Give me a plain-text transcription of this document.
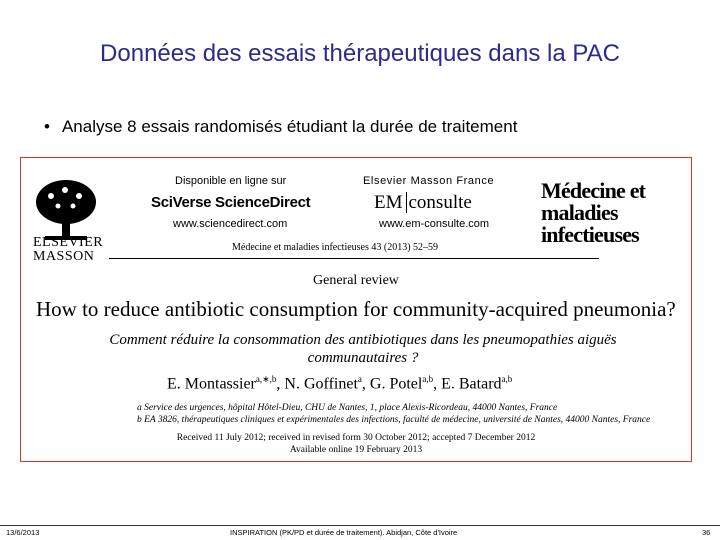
Données des essais thérapeutiques dans la PAC
• Analyse 8 essais randomisés étudiant la durée de traitement
ELSEVIER
MASSON
Disponible en ligne sur
SciVerse ScienceDirect
www.sciencedirect.com
Elsevier Masson France
EM consulte
www.em-consulte.com
Médecine et
maladies infectieuses
Médecine et maladies infectieuses 43 (2013) 52–59
General review
How to reduce antibiotic consumption for community-acquired pneumonia?
Comment réduire la consommation des antibiotiques dans les pneumopathies aiguës
communautaires ?
E. Montassier$^{a,∗,b}$, N. Goffinet$^a$, G. Potel$^{a,b}$, E. Batard$^{a,b}$
a Service des urgences, hôpital Hôtel-Dieu, CHU de Nantes, 1, place Alexis-Ricordeau, 44000 Nantes, France
b EA 3826, thérapeutiques cliniques et expérimentales des infections, faculté de médecine, université de Nantes, 44000 Nantes, France
Received 11 July 2012; received in revised form 30 October 2012; accepted 7 December 2012
Available online 19 February 2013
13/6/2013	INSPIRATION (PK/PD et durée de traitement). Abidjan, Côte d'Ivoire	36
